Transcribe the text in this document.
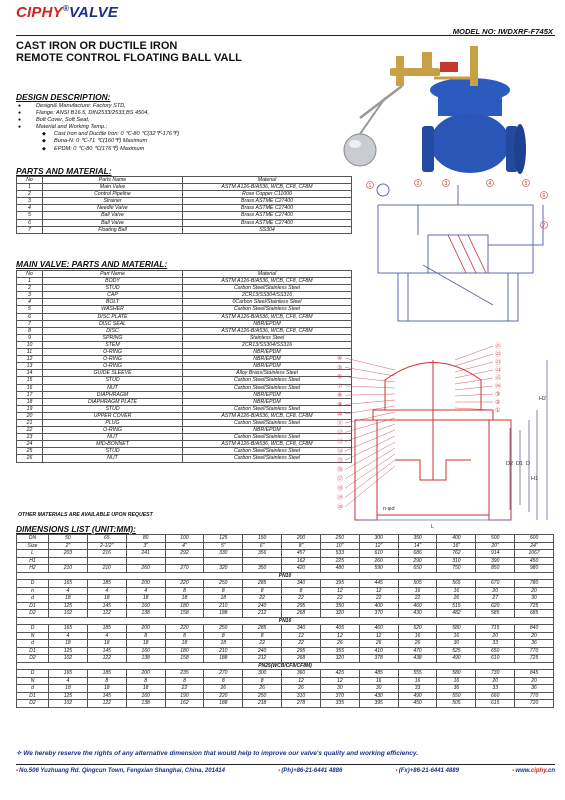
CIPHY®VALVE
MODEL NO: IWDXRF-F745X
CAST IRON OR DUCTILE IRON
REMOTE CONTROL FLOATING BALL VALL
DESIGN DESCRIPTION:
● Design& Manufacture: Factory STD,
● Flange: ANSI B16.5, DIN2533/2533,BS 4504,
● Bolt Cover, Soft Seat,
● Material and Working Temp.:
◆ Cast Iron and Ductile Iron: 0 ℃-80 ℃(32℉-176℉)
◆ Buna-N: 0 ℃-71 ℃(160℉) Maximum
◆ EPDM: 0 ℃-80 ℃(176℉) Maximum
PARTS AND MATERIAL:
No	Parts Name	Material
1	Main Valve	ASTM A126-B/A536, WCB, CF8, CF8M
2	Control Pipeline	Rose Copper C11000
3	Strainer	Brass ASTME C27400
4	Needle Valve	Brass ASTME C27400
5	Ball Valve	Brass ASTME C27400
6	Ball Valve	Brass ASTME C27400
7	Floating Ball	SS304
1	2	3	4	5
6
7
MAIN VALVE: PARTS AND MATERIAL:
No	Part Name	Material
1	BODY	ASTM A126-B/A536, WCB, CF8, CF8M
2	STUD	Carbon Steel/Stainless Steel
3	CAP	2CR13/SS304/SS316
4	BOLT	0Carbon Steel/Stainless Steel
5	WASHER	Carbon Steel/Stainless Steel
6	DISC PLATE	ASTM A126-B/A536, WCB, CF8, CF8M
7	DISC SEAL	NBR/EPDM
8	DISC	ASTM A126-B/A536, WCB, CF8, CF8M
9	SPRING	Stainless Steel
10	STEM	2CR13/SS304/SS316
11	O-RING	NBR/EPDM
12	O-RING	NBR/EPDM
13	O-RING	NBR/EPDM
14	GUIDE SLEEVE	Alloy Brass/Stainless Steel
15	STUD	Carbon Steel/Stainless Steel
16	NUT	Carbon Steel/Stainless Steel
17	DIAPHRAGM	NBR/EPDM
18	DIAPHRAGM PLATE	NBR/EPDM
19	STUD	Carbon Steel/Stainless Steel
20	UPPER COVER	ASTM A126-B/A536, WCB, CF8, CF8M
21	PLUG	Carbon Steel/Stainless Steel
22	O-RING	NBR/EPDM
23	NUT	Carbon Steel/Stainless Steel
24	MID-BONNET	ASTM A126-B/A536, WCB, CF8, CF8M
25	STUD	Carbon Steel/Stainless Steel
26	NUT	Carbon Steel/Stainless Steel
OTHER MATERIALS ARE AVAILABLE UPON REQUEST
H2
H1
D2 D1 D
L
n-φd
④
⑤
⑥
⑦
⑧
⑨
⑩
⑪
⑫
⑬
⑭
⑮
⑯
⑰
⑱
⑲
⑳
㉑
㉒
㉓
㉔
㉕
㉖
③
②
①
DIMENSIONS LIST (UNIT:MM):
DN	50	65	80	100	125	150	200	250	300	350	400	500	600
Size	2"	2-1/2"	3"	4"	5"	6"	8"	10"	12"	14"	16"	20"	24"
L	203	216	241	292	330	356	457	533	610	686	762	914	1067
H1							162	225	260	290	310	390	450
H2	210	210	260	270	320	350	420	480	590	650	750	850	980
PN10													
D	165	185	200	220	250	285	340	395	445	505	565	670	780
n	4	4	4	8	8	8	8	12	12	16	16	20	20
d	18	18	18	18	18	22	22	22	22	22	26	27	30
D1	125	145	160	180	210	240	295	350	400	460	515	620	725
D2	102	122	138	158	188	212	268	320	370	430	482	585	685
PN16													
D	165	185	200	220	250	285	340	405	460	520	580	715	840
N	4	4	8	8	8	8	12	12	12	16	16	20	20
d	18	18	18	18	18	22	22	26	26	26	30	33	36
D1	125	145	160	180	210	240	295	355	410	470	525	650	770
D2	102	122	138	158	188	212	268	320	378	438	490	610	725
PN25(WCB/CF8/CF8M)													
D	165	185	200	235	270	300	360	425	485	555	580	730	845
N	4	8	8	8	8	8	12	12	16	16	16	20	20
d	18	18	18	22	26	26	26	30	30	33	36	33	36
D1	125	145	160	190	220	250	310	370	430	490	550	660	770
D2	102	122	138	162	188	218	278	335	395	450	505	615	720
✧ We hereby reserve the rights of any alternative dimension that would help to improve our valve's quality and working efficiency.
• No.506 Yuzhuang Rd. Qingcun Town, Fengxian Shanghai, China, 201414	• (Ph)+86-21-6441 4886	• (Fx)+86-21-6441 4889	• www.ciphy.cn
